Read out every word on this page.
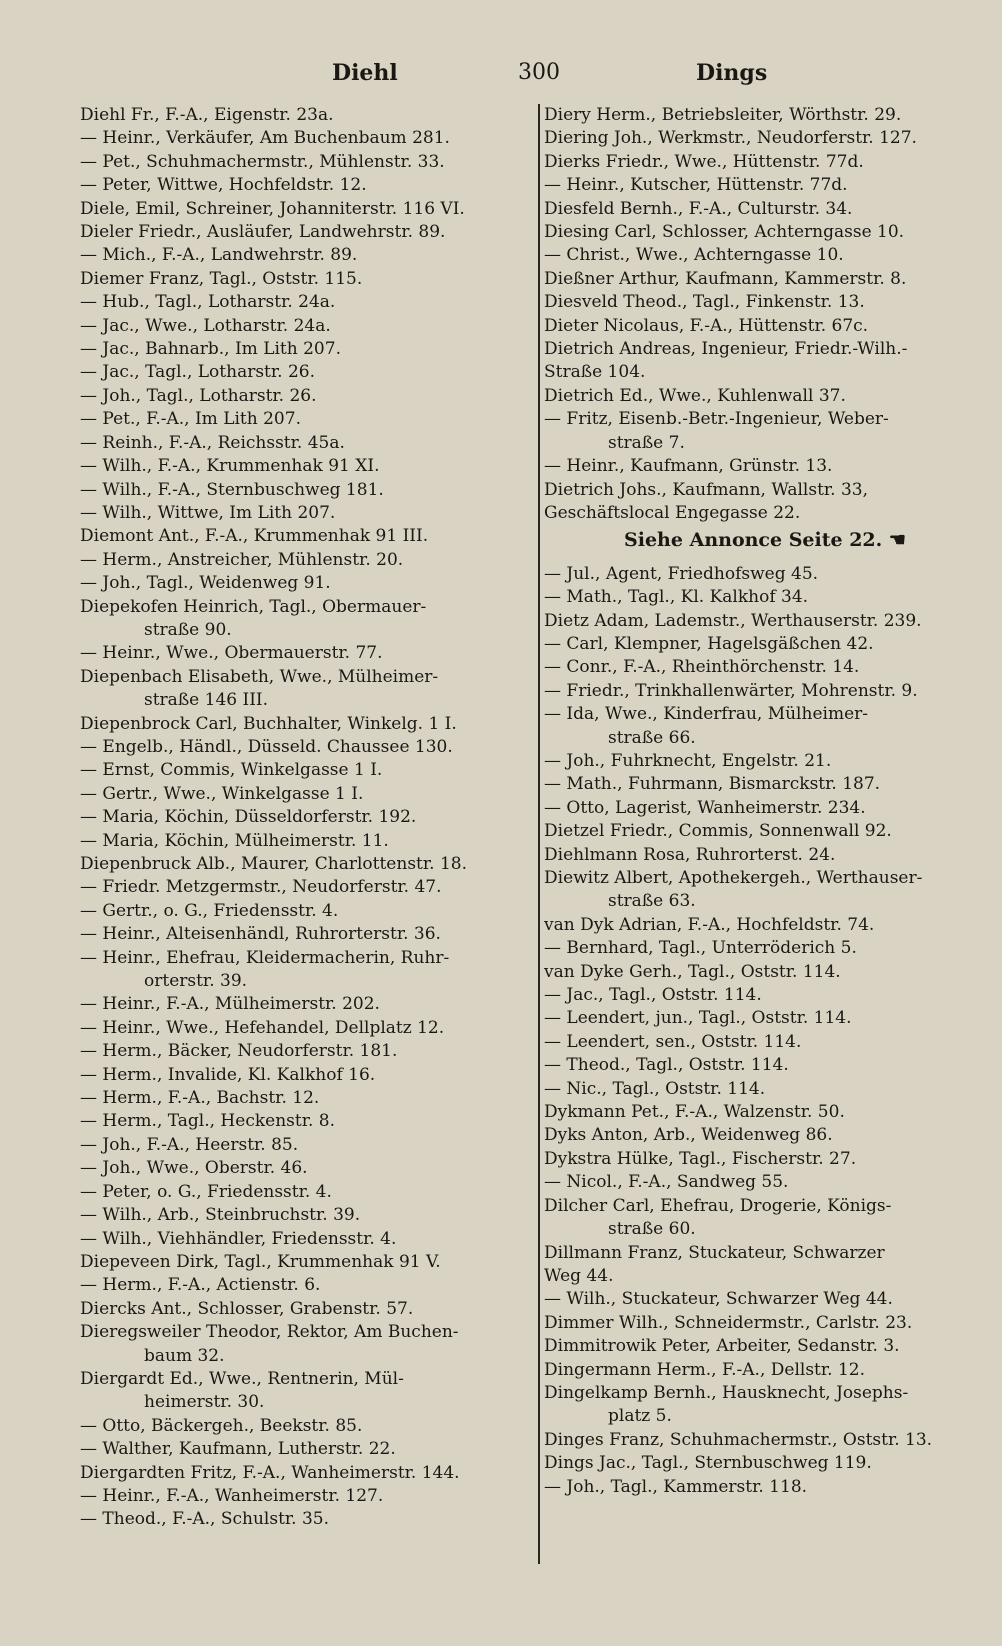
Diehl	300	Dings
Diehl Fr., F.-A., Eigenstr. 23a.
— Heinr., Verkäufer, Am Buchenbaum 281.
— Pet., Schuhmachermstr., Mühlenstr. 33.
— Peter, Wittwe, Hochfeldstr. 12.
Diele, Emil, Schreiner, Johanniterstr. 116 VI.
Dieler Friedr., Ausläufer, Landwehrstr. 89.
— Mich., F.-A., Landwehrstr. 89.
Diemer Franz, Tagl., Oststr. 115.
— Hub., Tagl., Lotharstr. 24a.
— Jac., Wwe., Lotharstr. 24a.
— Jac., Bahnarb., Im Lith 207.
— Jac., Tagl., Lotharstr. 26.
— Joh., Tagl., Lotharstr. 26.
— Pet., F.-A., Im Lith 207.
— Reinh., F.-A., Reichsstr. 45a.
— Wilh., F.-A., Krummenhak 91 XI.
— Wilh., F.-A., Sternbuschweg 181.
— Wilh., Wittwe, Im Lith 207.
Diemont Ant., F.-A., Krummenhak 91 III.
— Herm., Anstreicher, Mühlenstr. 20.
— Joh., Tagl., Weidenweg 91.
Diepekofen Heinrich, Tagl., Obermauer-
straße 90.
— Heinr., Wwe., Obermauerstr. 77.
Diepenbach Elisabeth, Wwe., Mülheimer-
straße 146 III.
Diepenbrock Carl, Buchhalter, Winkelg. 1 I.
— Engelb., Händl., Düsseld. Chaussee 130.
— Ernst, Commis, Winkelgasse 1 I.
— Gertr., Wwe., Winkelgasse 1 I.
— Maria, Köchin, Düsseldorferstr. 192.
— Maria, Köchin, Mülheimerstr. 11.
Diepenbruck Alb., Maurer, Charlottenstr. 18.
— Friedr. Metzgermstr., Neudorferstr. 47.
— Gertr., o. G., Friedensstr. 4.
— Heinr., Alteisenhändl, Ruhrorterstr. 36.
— Heinr., Ehefrau, Kleidermacherin, Ruhr-
orterstr. 39.
— Heinr., F.-A., Mülheimerstr. 202.
— Heinr., Wwe., Hefehandel, Dellplatz 12.
— Herm., Bäcker, Neudorferstr. 181.
— Herm., Invalide, Kl. Kalkhof 16.
— Herm., F.-A., Bachstr. 12.
— Herm., Tagl., Heckenstr. 8.
— Joh., F.-A., Heerstr. 85.
— Joh., Wwe., Oberstr. 46.
— Peter, o. G., Friedensstr. 4.
— Wilh., Arb., Steinbruchstr. 39.
— Wilh., Viehhändler, Friedensstr. 4.
Diepeveen Dirk, Tagl., Krummenhak 91 V.
— Herm., F.-A., Actienstr. 6.
Diercks Ant., Schlosser, Grabenstr. 57.
Dieregsweiler Theodor, Rektor, Am Buchen-
baum 32.
Diergardt Ed., Wwe., Rentnerin, Mül-
heimerstr. 30.
— Otto, Bäckergeh., Beekstr. 85.
— Walther, Kaufmann, Lutherstr. 22.
Diergardten Fritz, F.-A., Wanheimerstr. 144.
— Heinr., F.-A., Wanheimerstr. 127.
— Theod., F.-A., Schulstr. 35.
Diery Herm., Betriebsleiter, Wörthstr. 29.
Diering Joh., Werkmstr., Neudorferstr. 127.
Dierks Friedr., Wwe., Hüttenstr. 77d.
— Heinr., Kutscher, Hüttenstr. 77d.
Diesfeld Bernh., F.-A., Culturstr. 34.
Diesing Carl, Schlosser, Achterngasse 10.
— Christ., Wwe., Achterngasse 10.
Dießner Arthur, Kaufmann, Kammerstr. 8.
Diesveld Theod., Tagl., Finkenstr. 13.
Dieter Nicolaus, F.-A., Hüttenstr. 67c.
Dietrich Andreas, Ingenieur, Friedr.-Wilh.-
Straße 104.
Dietrich Ed., Wwe., Kuhlenwall 37.
— Fritz, Eisenb.-Betr.-Ingenieur, Weber-
straße 7.
— Heinr., Kaufmann, Grünstr. 13.
Dietrich Johs., Kaufmann, Wallstr. 33,
Geschäftslocal Engegasse 22.
Siehe Annonce Seite 22. ☚
— Jul., Agent, Friedhofsweg 45.
— Math., Tagl., Kl. Kalkhof 34.
Dietz Adam, Lademstr., Werthauserstr. 239.
— Carl, Klempner, Hagelsgäßchen 42.
— Conr., F.-A., Rheinthörchenstr. 14.
— Friedr., Trinkhallenwärter, Mohrenstr. 9.
— Ida, Wwe., Kinderfrau, Mülheimer-
straße 66.
— Joh., Fuhrknecht, Engelstr. 21.
— Math., Fuhrmann, Bismarckstr. 187.
— Otto, Lagerist, Wanheimerstr. 234.
Dietzel Friedr., Commis, Sonnenwall 92.
Diehlmann Rosa, Ruhrorterst. 24.
Diewitz Albert, Apothekergeh., Werthauser-
straße 63.
van Dyk Adrian, F.-A., Hochfeldstr. 74.
— Bernhard, Tagl., Unterröderich 5.
van Dyke Gerh., Tagl., Oststr. 114.
— Jac., Tagl., Oststr. 114.
— Leendert, jun., Tagl., Oststr. 114.
— Leendert, sen., Oststr. 114.
— Theod., Tagl., Oststr. 114.
— Nic., Tagl., Oststr. 114.
Dykmann Pet., F.-A., Walzenstr. 50.
Dyks Anton, Arb., Weidenweg 86.
Dykstra Hülke, Tagl., Fischerstr. 27.
— Nicol., F.-A., Sandweg 55.
Dilcher Carl, Ehefrau, Drogerie, Königs-
straße 60.
Dillmann Franz, Stuckateur, Schwarzer
Weg 44.
— Wilh., Stuckateur, Schwarzer Weg 44.
Dimmer Wilh., Schneidermstr., Carlstr. 23.
Dimmitrowik Peter, Arbeiter, Sedanstr. 3.
Dingermann Herm., F.-A., Dellstr. 12.
Dingelkamp Bernh., Hausknecht, Josephs-
platz 5.
Dinges Franz, Schuhmachermstr., Oststr. 13.
Dings Jac., Tagl., Sternbuschweg 119.
— Joh., Tagl., Kammerstr. 118.
